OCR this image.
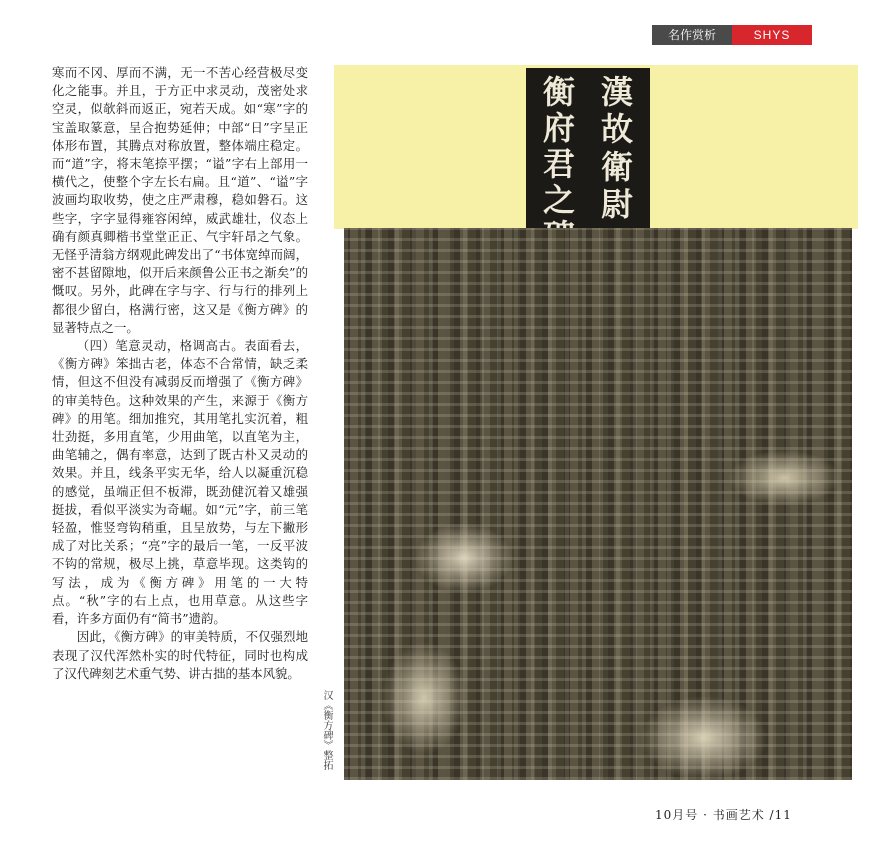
名作赏析	SHYS

寒而不冈、厚而不满，无一不苦心经营极尽变化之能事。并且，于方正中求灵动，茂密处求空灵，似欹斜而返正，宛若天成。如“寒”字的宝盖取篆意，呈合抱势延伸；中部“日”字呈正体形布置，其腾点对称放置，整体端庄稳定。而“道”字，将末笔捺平摆；“谥”字右上部用一横代之，使整个字左长右扁。且“道”、“谥”字波画均取收势，使之庄严肃穆，稳如磐石。这些字，字字显得雍容闲绰，威武雄壮，仪态上确有颜真卿楷书堂堂正正、气宇轩昂之气象。无怪乎清翁方纲观此碑发出了“书体宽绰而阔，密不甚留隙地，似开后来颜鲁公正书之渐矣”的慨叹。另外，此碑在字与字、行与行的排列上都很少留白，格满行密，这又是《衡方碑》的显著特点之一。

（四）笔意灵动，格调高古。表面看去，《衡方碑》笨拙古老，体态不合常情，缺乏柔情，但这不但没有减弱反而增强了《衡方碑》的审美特色。这种效果的产生，来源于《衡方碑》的用笔。细加推究，其用笔扎实沉着，粗壮劲挺，多用直笔，少用曲笔，以直笔为主，曲笔辅之，偶有率意，达到了既古朴又灵动的效果。并且，线条平实无华，给人以凝重沉稳的感觉，虽端正但不板滞，既劲健沉着又雄强挺拔，看似平淡实为奇崛。如“元”字，前三笔轻盈，惟竖弯钩稍重，且呈放势，与左下撇形成了对比关系；“亮”字的最后一笔，一反平波不钩的常规，极尽上挑，草意毕现。这类钩的写法，成为《衡方碑》用笔的一大特点。“秋”字的右上点，也用草意。从这些字看，许多方面仍有“简书”遗韵。

因此，《衡方碑》的审美特质，不仅强烈地表现了汉代浑然朴实的时代特征，同时也构成了汉代碑刻艺术重气势、讲古拙的基本风貌。

漢
故
衛
尉
衡
府
君
之
汉《衡方碑》整拓
10月号 · 书画艺术 /11
